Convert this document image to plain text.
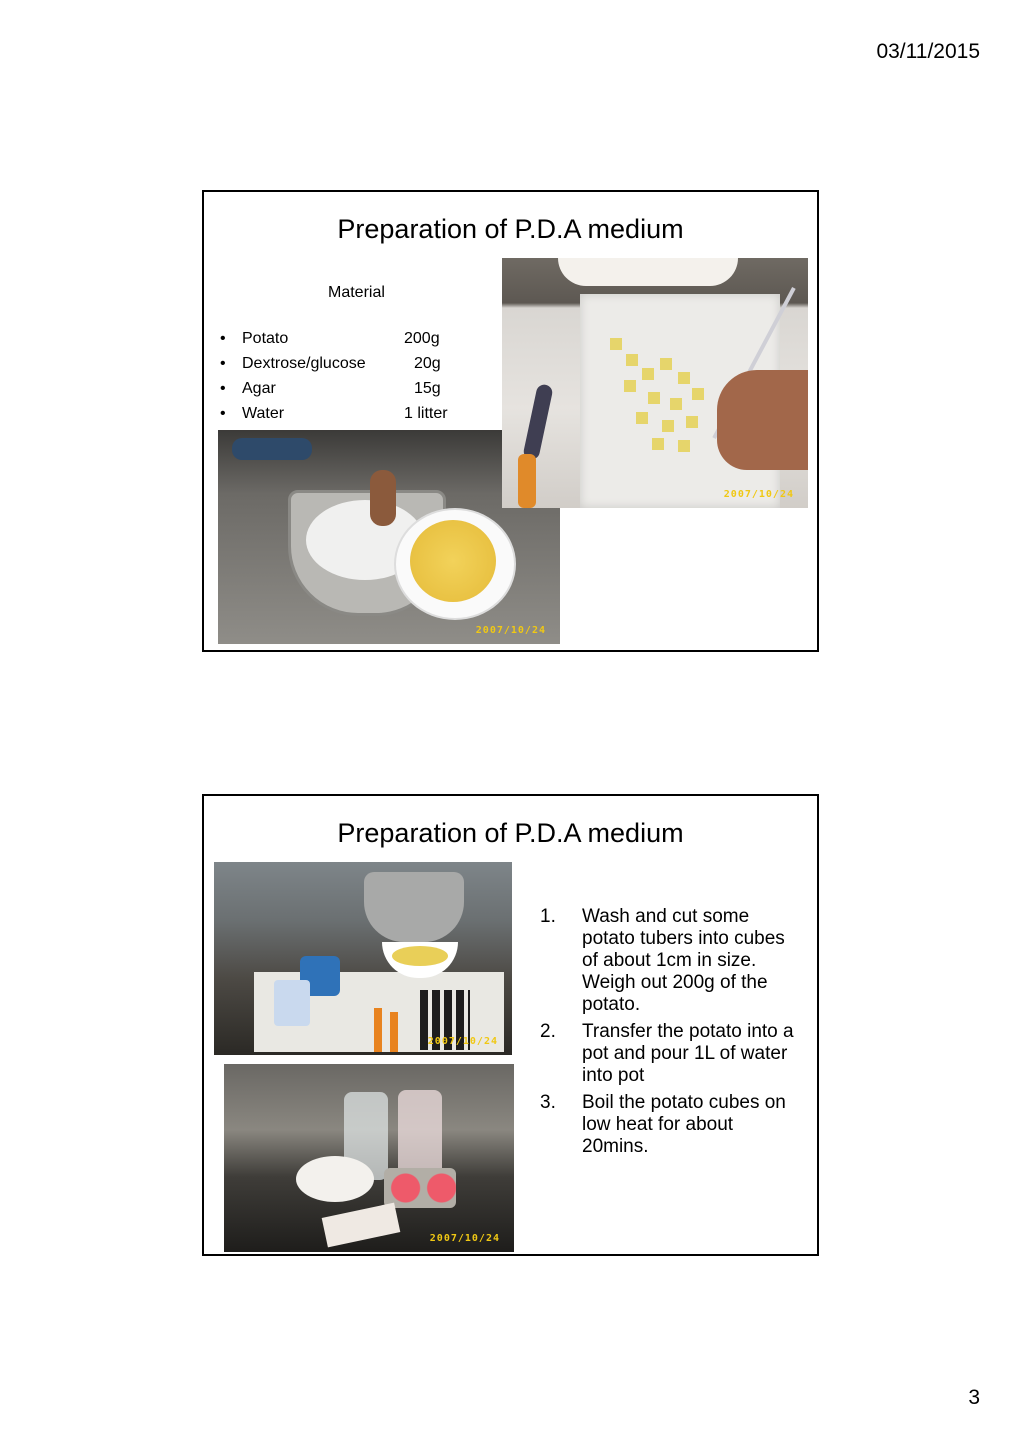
03/11/2015
Preparation of P.D.A medium
Material
• Potato	200g
• Dextrose/glucose	20g
• Agar	15g
• Water	1 litter
2007/10/24
2007/10/24
Preparation of P.D.A medium
2007/10/24
2007/10/24
1. Wash and cut some potato tubers into cubes of about 1cm in size. Weigh out 200g of the potato.
2. Transfer the potato into a pot and pour 1L of water into pot
3. Boil the potato cubes on low heat for about 20mins.
3
